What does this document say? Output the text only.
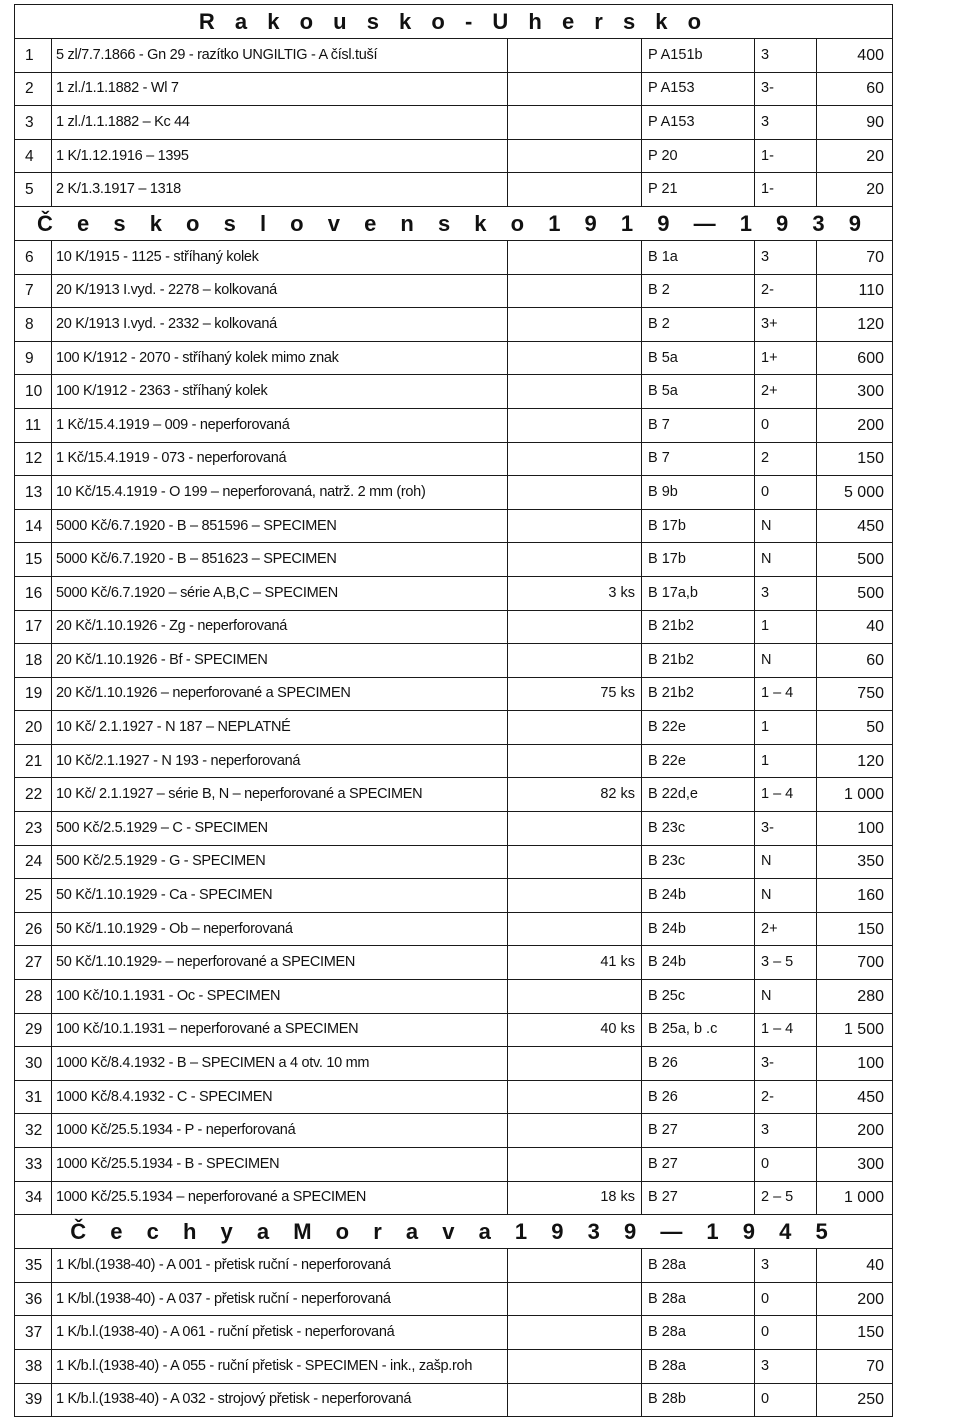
R a k o u s k o - U h e r s k o					
1	5 zl/7.7.1866 - Gn 29 - razítko UNGILTIG - A čísl.tuší		P A151b	3	400
2	1 zl./1.1.1882 - Wl 7		P A153	3-	60
3	1 zl./1.1.1882 – Kc 44		P A153	3	90
4	1 K/1.12.1916 – 1395		P 20	1-	20
5	2 K/1.3.1917 – 1318		P 21	1-	20
Č e s k o s l o v e n s k o 1 9 1 9 — 1 9 3 9					
6	10 K/1915 - 1125 - stříhaný kolek		B 1a	3	70
7	20 K/1913 I.vyd. - 2278 – kolkovaná		B 2	2-	110
8	20 K/1913 I.vyd. - 2332 – kolkovaná		B 2	3+	120
9	100 K/1912 - 2070 - stříhaný kolek mimo znak		B 5a	1+	600
10	100 K/1912 - 2363 - stříhaný kolek		B 5a	2+	300
11	1 Kč/15.4.1919 – 009 - neperforovaná		B 7	0	200
12	1 Kč/15.4.1919 - 073 - neperforovaná		B 7	2	150
13	10 Kč/15.4.1919 - O 199 – neperforovaná, natrž. 2 mm (roh)		B 9b	0	5 000
14	5000 Kč/6.7.1920 - B – 851596 – SPECIMEN		B 17b	N	450
15	5000 Kč/6.7.1920 - B – 851623 – SPECIMEN		B 17b	N	500
16	5000 Kč/6.7.1920 – série A,B,C – SPECIMEN	3 ks	B 17a,b	3	500
17	20 Kč/1.10.1926 - Zg - neperforovaná		B 21b2	1	40
18	20 Kč/1.10.1926 - Bf - SPECIMEN		B 21b2	N	60
19	20 Kč/1.10.1926 – neperforované a SPECIMEN	75 ks	B 21b2	1 – 4	750
20	10 Kč/ 2.1.1927 - N 187 – NEPLATNÉ		B 22e	1	50
21	10 Kč/2.1.1927 - N 193 - neperforovaná		B 22e	1	120
22	10 Kč/ 2.1.1927 – série B, N – neperforované a SPECIMEN	82 ks	B 22d,e	1 – 4	1 000
23	500 Kč/2.5.1929 – C - SPECIMEN		B 23c	3-	100
24	500 Kč/2.5.1929 - G - SPECIMEN		B 23c	N	350
25	50 Kč/1.10.1929 - Ca - SPECIMEN		B 24b	N	160
26	50 Kč/1.10.1929 - Ob – neperforovaná		B 24b	2+	150
27	50 Kč/1.10.1929- – neperforované a SPECIMEN	41 ks	B 24b	3 – 5	700
28	100 Kč/10.1.1931 - Oc - SPECIMEN		B 25c	N	280
29	100 Kč/10.1.1931 – neperforované a SPECIMEN	40 ks	B 25a, b .c	1 – 4	1 500
30	1000 Kč/8.4.1932 - B – SPECIMEN a 4 otv. 10 mm		B 26	3-	100
31	1000 Kč/8.4.1932 - C - SPECIMEN		B 26	2-	450
32	1000 Kč/25.5.1934 - P - neperforovaná		B 27	3	200
33	1000 Kč/25.5.1934 - B - SPECIMEN		B 27	0	300
34	1000 Kč/25.5.1934 – neperforované a SPECIMEN	18 ks	B 27	2 – 5	1 000
Č e c h y a M o r a v a 1 9 3 9 — 1 9 4 5					
35	1 K/bl.(1938-40) - A 001 - přetisk ruční - neperforovaná		B 28a	3	40
36	1 K/bl.(1938-40) - A 037 - přetisk ruční - neperforovaná		B 28a	0	200
37	1 K/b.l.(1938-40) - A 061 - ruční přetisk - neperforovaná		B 28a	0	150
38	1 K/b.l.(1938-40) - A 055 - ruční přetisk - SPECIMEN - ink., zašp.roh		B 28a	3	70
39	1 K/b.l.(1938-40) - A 032 - strojový přetisk - neperforovaná		B 28b	0	250
